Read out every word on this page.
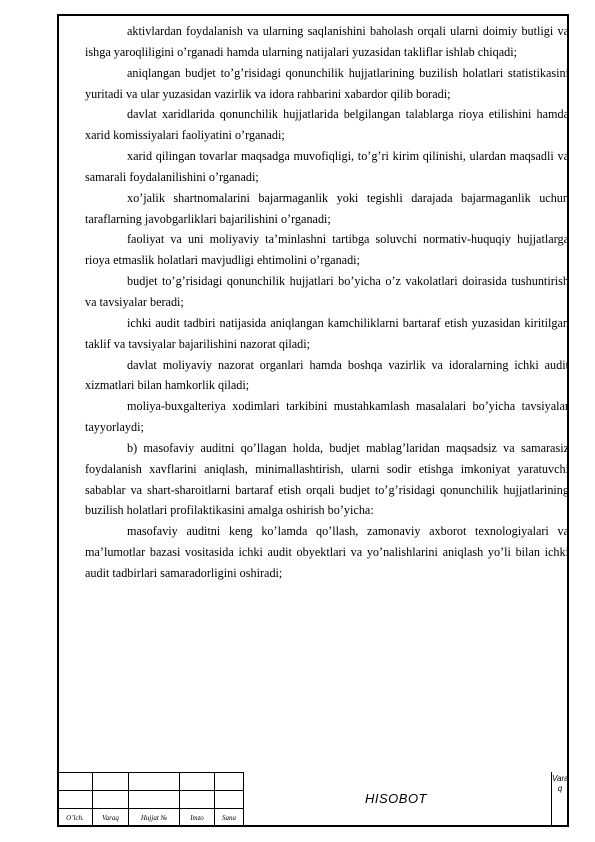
aktivlardan foydalanish va ularning saqlanishini baholash orqali ularni doimiy butligi va ishga yaroqliligini o’rganadi hamda ularning natijalari yuzasidan takliflar ishlab chiqadi;

aniqlangan budjet to’g’risidagi qonunchilik hujjatlarining buzilish holatlari statistikasini yuritadi va ular yuzasidan vazirlik va idora rahbarini xabardor qilib boradi;

davlat xaridlarida qonunchilik hujjatlarida belgilangan talablarga rioya etilishini hamda xarid komissiyalari faoliyatini o’rganadi;

xarid qilingan tovarlar maqsadga muvofiqligi, to’g’ri kirim qilinishi, ulardan maqsadli va samarali foydalanilishini o’rganadi;

xo’jalik shartnomalarini bajarmaganlik yoki tegishli darajada bajarmaganlik uchun taraflarning javobgarliklari bajarilishini o’rganadi;

faoliyat va uni moliyaviy ta’minlashni tartibga soluvchi normativ-huquqiy hujjatlarga rioya etmaslik holatlari mavjudligi ehtimolini o’rganadi;

budjet to’g’risidagi qonunchilik hujjatlari bo’yicha o’z vakolatlari doirasida tushuntirish va tavsiyalar beradi;

ichki audit tadbiri natijasida aniqlangan kamchiliklarni bartaraf etish yuzasidan kiritilgan taklif va tavsiyalar bajarilishini nazorat qiladi;

davlat moliyaviy nazorat organlari hamda boshqa vazirlik va idoralarning ichki audit xizmatlari bilan hamkorlik qiladi;

moliya-buxgalteriya xodimlari tarkibini mustahkamlash masalalari bo’yicha tavsiyalar tayyorlaydi;

b) masofaviy auditni qo’llagan holda, budjet mablag’laridan maqsadsiz va samarasiz foydalanish xavflarini aniqlash, minimallashtirish, ularni sodir etishga imkoniyat yaratuvchi sabablar va shart-sharoitlarni bartaraf etish orqali budjet to’g’risidagi qonunchilik hujjatlarining buzilish holatlari profilaktikasini amalga oshirish bo’yicha:

masofaviy auditni keng ko’lamda qo’llash, zamonaviy axborot texnologiyalari va ma’lumotlar bazasi vositasida ichki audit obyektlari va yo’nalishlarini aniqlash yo’li bilan ichki audit tadbirlari samaradorligini oshiradi;

O’lch.	Varaq	Hujjat №	Imzo	Sana
HISOBOT
Vara q
